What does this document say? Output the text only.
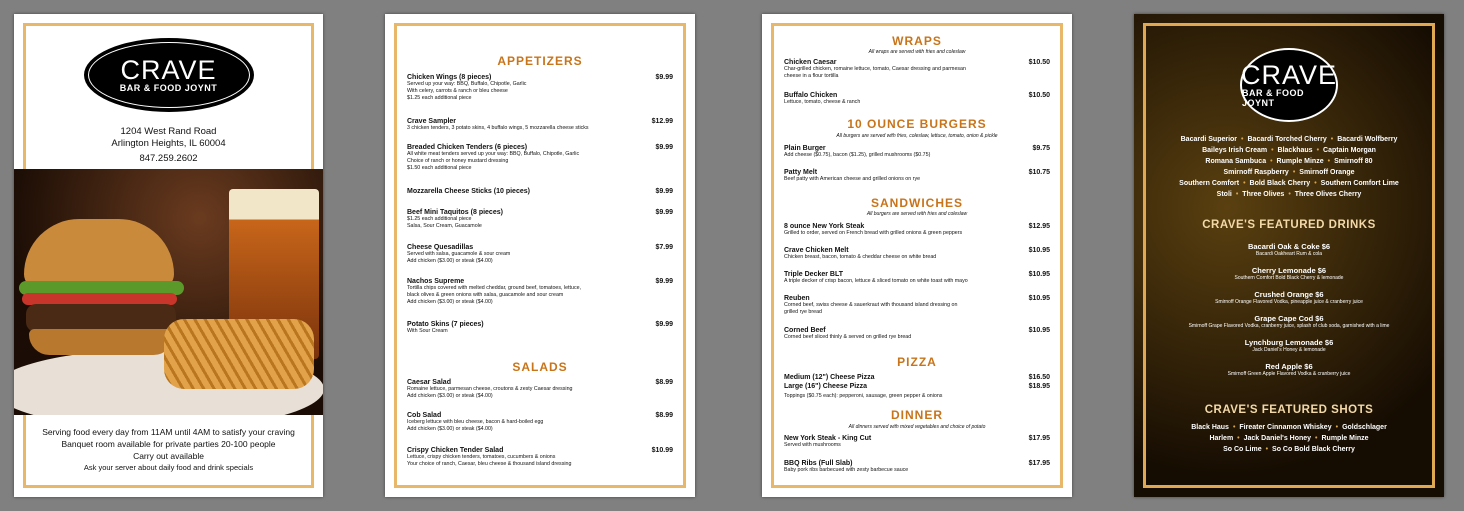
CRAVE
BAR & FOOD JOYNT
1204 West Rand Road
Arlington Heights, IL 60004
847.259.2602
Serving food every day from 11AM until 4AM to satisfy your craving
Banquet room available for private parties 20-100 people
Carry out available
Ask your server about daily food and drink specials
APPETIZERS
SALADS
Chicken Wings (8 pieces)	$9.99
Served up your way: BBQ, Buffalo, Chipotle, Garlic
With celery, carrots & ranch or bleu cheese
$1.25 each additional piece
Crave Sampler	$12.99
3 chicken tenders, 3 potato skins, 4 buffalo wings, 5 mozzarella cheese sticks
Breaded Chicken Tenders (6 pieces)	$9.99
All white meat tenders served up your way: BBQ, Buffalo, Chipotle, Garlic
Choice of ranch or honey mustard dressing
$1.50 each additional piece
Mozzarella Cheese Sticks (10 pieces)	$9.99
Beef Mini Taquitos (8 pieces)	$9.99
$1.25 each additional piece
Salsa, Sour Cream, Guacamole
Cheese Quesadillas	$7.99
Served with salsa, guacamole & sour cream
Add chicken ($3.00) or steak ($4.00)
Nachos Supreme	$9.99
Tortilla chips covered with melted cheddar, ground beef, tomatoes, lettuce,
black olives & green onions with salsa, guacamole and sour cream
Add chicken ($3.00) or steak ($4.00)
Potato Skins (7 pieces)	$9.99
With Sour Cream
Caesar Salad	$8.99
Romaine lettuce, parmesan cheese, croutons & zesty Caesar dressing
Add chicken ($3.00) or steak ($4.00)
Cob Salad	$8.99
Iceberg lettuce with bleu cheese, bacon & hard-boiled egg
Add chicken ($3.00) or steak ($4.00)
Crispy Chicken Tender Salad	$10.99
Lettuce, crispy chicken tenders, tomatoes, cucumbers & onions
Your choice of ranch, Caesar, bleu cheese & thousand island dressing
WRAPS
All wraps are served with fries and coleslaw
10 OUNCE BURGERS
All burgers are served with fries, coleslaw, lettuce, tomato, onion & pickle
SANDWICHES
All burgers are served with fries and coleslaw
PIZZA
Medium (12") Cheese Pizza	$16.50
Large (16") Cheese Pizza	$18.95
Toppings ($0.75 each): pepperoni, sausage, green pepper & onions
DINNER
All dinners served with mixed vegetables and choice of potato
Chicken Caesar	$10.50
Char-grilled chicken, romaine lettuce, tomato, Caesar dressing and parmesan
cheese in a flour tortilla
Buffalo Chicken	$10.50
Lettuce, tomato, cheese & ranch
Plain Burger	$9.75
Add cheese ($0.75), bacon ($1.25), grilled mushrooms ($0.75)
Patty Melt	$10.75
Beef patty with American cheese and grilled onions on rye
8 ounce New York Steak	$12.95
Grilled to order, served on French bread with grilled onions & green peppers
Crave Chicken Melt	$10.95
Chicken breast, bacon, tomato & cheddar cheese on white bread
Triple Decker BLT	$10.95
A triple decker of crisp bacon, lettuce & sliced tomato on white toast with mayo
Reuben	$10.95
Corned beef, swiss cheese & sauerkraut with thousand island dressing on
grilled rye bread
Corned Beef	$10.95
Corned beef sliced thinly & served on grilled rye bread
New York Steak - King Cut	$17.95
Served with mushrooms
BBQ Ribs (Full Slab)	$17.95
Baby pork ribs barbecued with zesty barbecue sauce
CRAVE
BAR & FOOD JOYNT
Bacardi Superior • Bacardi Torched Cherry • Bacardi Wolfberry
Baileys Irish Cream • Blackhaus • Captain Morgan
Romana Sambuca • Rumple Minze • Smirnoff 80
Smirnoff Raspberry • Smirnoff Orange
Southern Comfort • Bold Black Cherry • Southern Comfort Lime
Stoli • Three Olives • Three Olives Cherry
CRAVE'S FEATURED DRINKS
Bacardi Oak & Coke $6
Bacardi Oakheart Rum & cola
Cherry Lemonade $6
Southern Comfort Bold Black Cherry & lemonade
Crushed Orange $6
Smirnoff Orange Flavored Vodka, pineapple juice & cranberry juice
Grape Cape Cod $6
Smirnoff Grape Flavored Vodka, cranberry juice, splash of club soda, garnished with a lime
Lynchburg Lemonade $6
Jack Daniel's Honey & lemonade
Red Apple $6
Smirnoff Green Apple Flavored Vodka & cranberry juice
CRAVE'S FEATURED SHOTS
Black Haus • Fireater Cinnamon Whiskey • Goldschlager
Harlem • Jack Daniel's Honey • Rumple Minze
So Co Lime • So Co Bold Black Cherry
